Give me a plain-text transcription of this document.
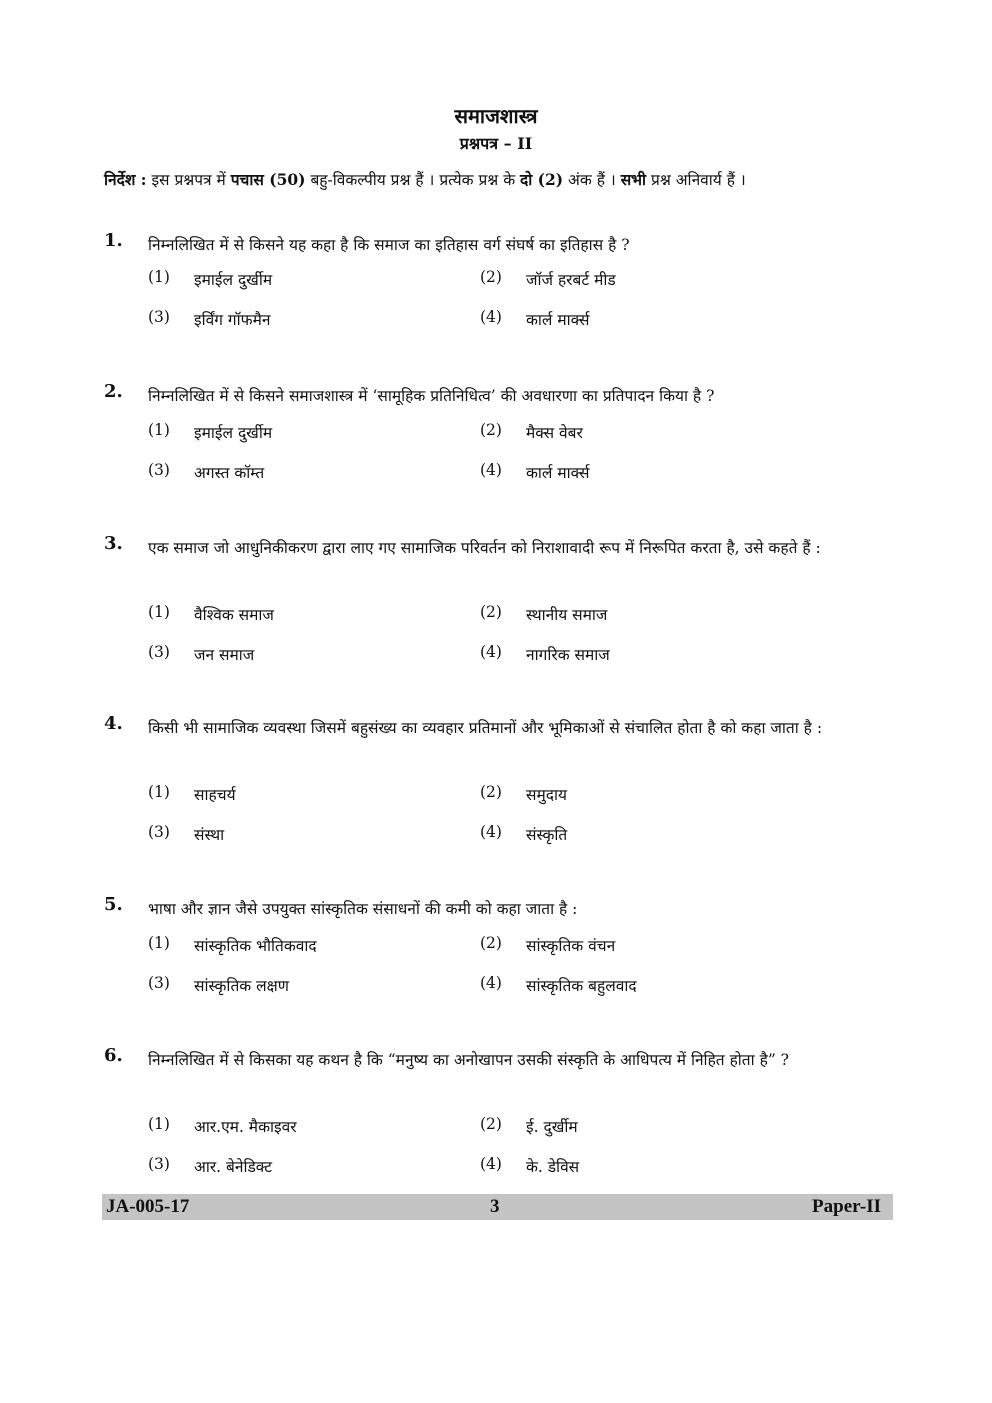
समाजशास्त्र
प्रश्नपत्र – II
निर्देश : इस प्रश्नपत्र में पचास (50) बहु-विकल्पीय प्रश्न हैं । प्रत्येक प्रश्न के दो (2) अंक हैं । सभी प्रश्न अनिवार्य हैं ।
1. निम्नलिखित में से किसने यह कहा है कि समाज का इतिहास वर्ग संघर्ष का इतिहास है ?
(1) इमाईल दुर्खीम	(2) जॉर्ज हरबर्ट मीड
(3) इर्विंग गॉफमैन	(4) कार्ल मार्क्स
2. निम्नलिखित में से किसने समाजशास्त्र में ‘सामूहिक प्रतिनिधित्व’ की अवधारणा का प्रतिपादन किया है ?
(1) इमाईल दुर्खीम	(2) मैक्स वेबर
(3) अगस्त कॉम्त	(4) कार्ल मार्क्स
3. एक समाज जो आधुनिकीकरण द्वारा लाए गए सामाजिक परिवर्तन को निराशावादी रूप में निरूपित करता है, उसे कहते हैं :
(1) वैश्विक समाज	(2) स्थानीय समाज
(3) जन समाज	(4) नागरिक समाज
4. किसी भी सामाजिक व्यवस्था जिसमें बहुसंख्य का व्यवहार प्रतिमानों और भूमिकाओं से संचालित होता है को कहा जाता है :
(1) साहचर्य	(2) समुदाय
(3) संस्था	(4) संस्कृति
5. भाषा और ज्ञान जैसे उपयुक्त सांस्कृतिक संसाधनों की कमी को कहा जाता है :
(1) सांस्कृतिक भौतिकवाद	(2) सांस्कृतिक वंचन
(3) सांस्कृतिक लक्षण	(4) सांस्कृतिक बहुलवाद
6. निम्नलिखित में से किसका यह कथन है कि “मनुष्य का अनोखापन उसकी संस्कृति के आधिपत्य में निहित होता है” ?
(1) आर.एम. मैकाइवर	(2) ई. दुर्खीम
(3) आर. बेनेडिक्ट	(4) के. डेविस
JA-005-17	3	Paper-II
